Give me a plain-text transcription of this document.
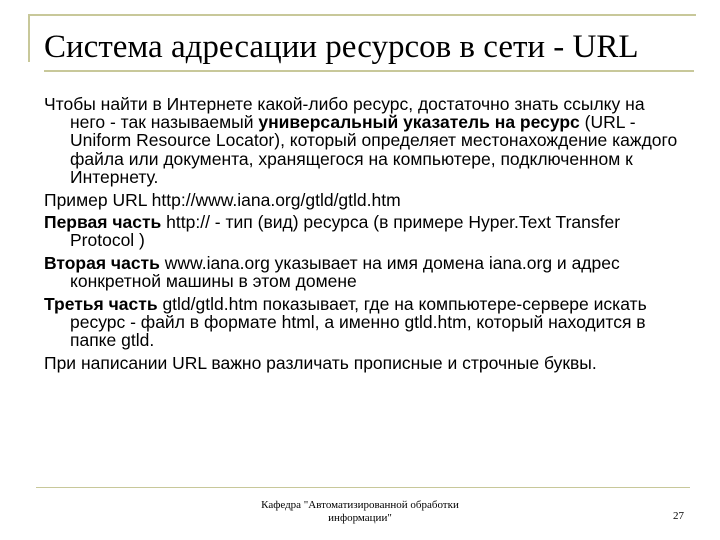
Система адресации ресурсов в сети - URL

Чтобы найти в Интернете какой-либо ресурс, достаточно знать ссылку на него - так называемый универсальный указатель на ресурс (URL - Uniform Resource Locator), который определяет местонахождение каждого файла или документа, хранящегося на компьютере, подключенном к Интернету.

Пример URL http://www.iana.org/gtld/gtld.htm

Первая часть http:// - тип (вид) ресурса (в примере Hyper.Text Transfer Protocol )

Вторая часть www.iana.org указывает на имя домена iana.org и адрес конкретной машины в этом домене

Третья часть gtld/gtld.htm показывает, где на компьютере-сервере искать ресурс - файл в формате html, а именно gtld.htm, который находится в папке gtld.

При написании URL важно различать прописные и строчные буквы.

Кафедра "Автоматизированной обработки
информации"	27
